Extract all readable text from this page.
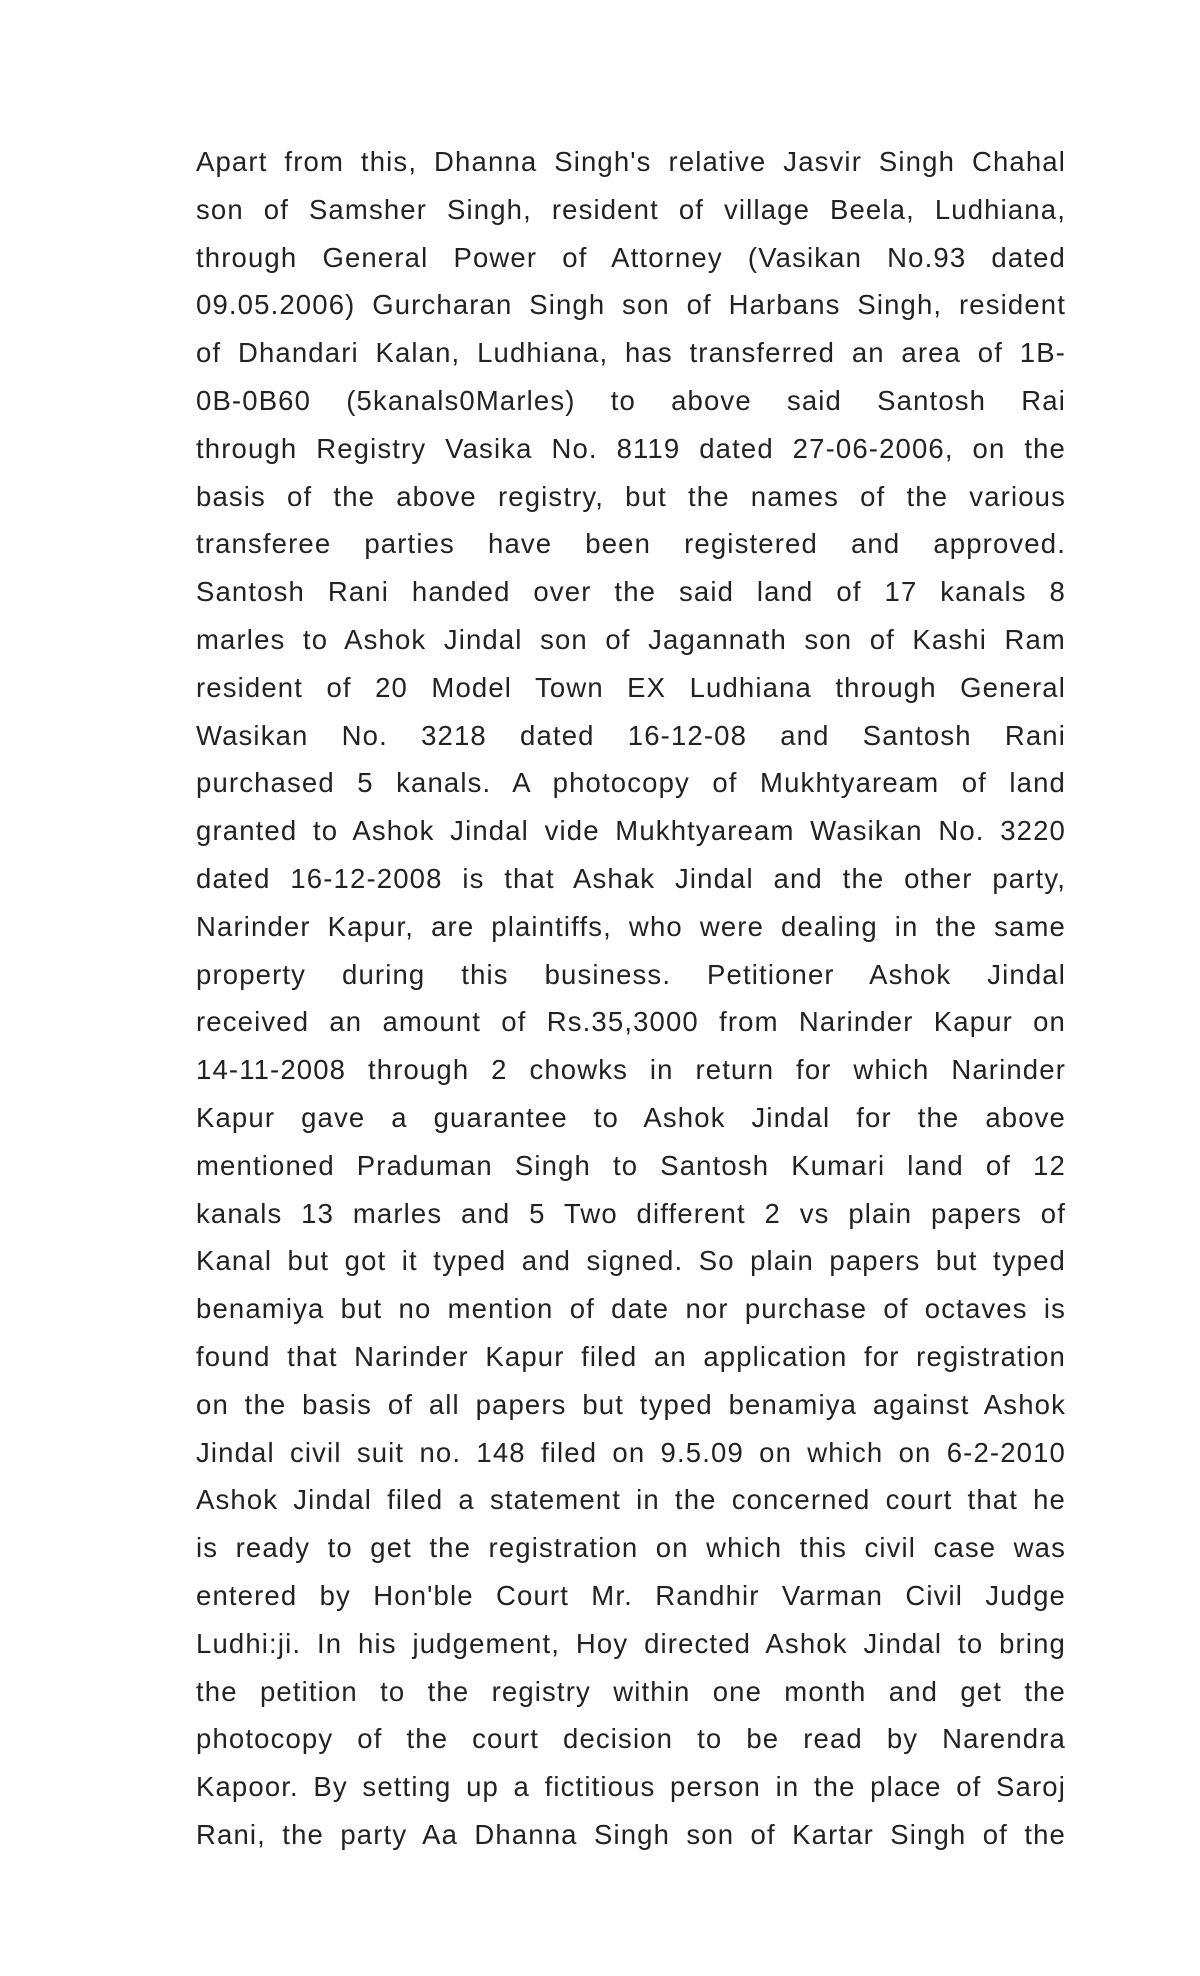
Apart from this, Dhanna Singh's relative Jasvir Singh Chahal
son of Samsher Singh, resident of village Beela, Ludhiana,
through General Power of Attorney (Vasikan No.93 dated
09.05.2006) Gurcharan Singh son of Harbans Singh, resident
of Dhandari Kalan, Ludhiana, has transferred an area of 1B-
0B-0B60 (5kanals0Marles) to above said Santosh Rai
through Registry Vasika No. 8119 dated 27-06-2006, on the
basis of the above registry, but the names of the various
transferee parties have been registered and approved.
Santosh Rani handed over the said land of 17 kanals 8
marles to Ashok Jindal son of Jagannath son of Kashi Ram
resident of 20 Model Town EX Ludhiana through General
Wasikan No. 3218 dated 16-12-08 and Santosh Rani
purchased 5 kanals. A photocopy of Mukhtyaream of land
granted to Ashok Jindal vide Mukhtyaream Wasikan No. 3220
dated 16-12-2008 is that Ashak Jindal and the other party,
Narinder Kapur, are plaintiffs, who were dealing in the same
property during this business. Petitioner Ashok Jindal
received an amount of Rs.35,3000 from Narinder Kapur on
14-11-2008 through 2 chowks in return for which Narinder
Kapur gave a guarantee to Ashok Jindal for the above
mentioned Praduman Singh to Santosh Kumari land of 12
kanals 13 marles and 5 Two different 2 vs plain papers of
Kanal but got it typed and signed. So plain papers but typed
benamiya but no mention of date nor purchase of octaves is
found that Narinder Kapur filed an application for registration
on the basis of all papers but typed benamiya against Ashok
Jindal civil suit no. 148 filed on 9.5.09 on which on 6-2-2010
Ashok Jindal filed a statement in the concerned court that he
is ready to get the registration on which this civil case was
entered by Hon'ble Court Mr. Randhir Varman Civil Judge
Ludhi:ji. In his judgement, Hoy directed Ashok Jindal to bring
the petition to the registry within one month and get the
photocopy of the court decision to be read by Narendra
Kapoor. By setting up a fictitious person in the place of Saroj
Rani, the party Aa Dhanna Singh son of Kartar Singh of the
